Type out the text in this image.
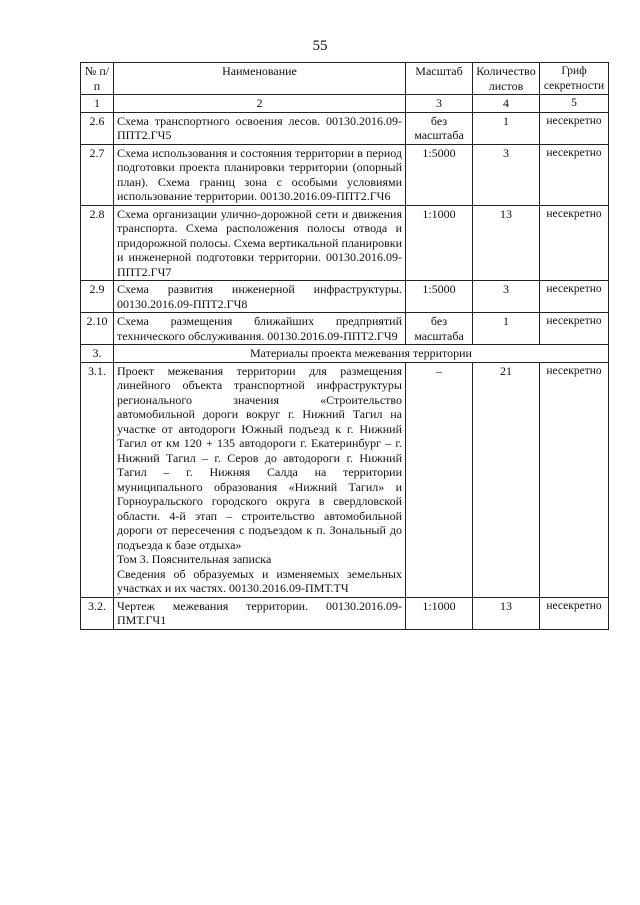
55
№ п/п	Наименование	Масштаб	Количество листов	Гриф секретности
1	2	3	4	5
2.6	Схема транспортного освоения лесов. 00130.2016.09-ППТ2.ГЧ5	без масштаба	1	несекретно
2.7	Схема использования и состояния территории в период подготовки проекта планировки территории (опорный план). Схема границ зона с особыми условиями использование территории. 00130.2016.09-ППТ2.ГЧ6	1:5000	3	несекретно
2.8	Схема организации улично-дорожной сети и движения транспорта. Схема расположения полосы отвода и придорожной полосы. Схема вертикальной планировки и инженерной подготовки территории. 00130.2016.09-ППТ2.ГЧ7	1:1000	13	несекретно
2.9	Схема развития инженерной инфраструктуры. 00130.2016.09-ППТ2.ГЧ8	1:5000	3	несекретно
2.10	Схема размещения ближайших предприятий технического обслуживания. 00130.2016.09-ППТ2.ГЧ9	без масштаба	1	несекретно
3.	Материалы проекта межевания территории			
3.1.	Проект межевания территории для размещения линейного объекта транспортной инфраструктуры регионального значения «Строительство автомобильной дороги вокруг г. Нижний Тагил на участке от автодороги Южный подъезд к г. Нижний Тагил от км 120 + 135 автодороги г. Екатеринбург – г. Нижний Тагил – г. Серов до автодороги г. Нижний Тагил – г. Нижняя Салда на территории муниципального образования «Нижний Тагил» и Горноуральского городского округа в свердловской области. 4-й этап – строительство автомобильной дороги от пересечения с подъездом к п. Зональный до подъезда к базе отдыха»
Том 3. Пояснительная записка
Сведения об образуемых и изменяемых земельных участках и их частях. 00130.2016.09-ПМТ.ТЧ	–	21	несекретно
3.2.	Чертеж межевания территории. 00130.2016.09-ПМТ.ГЧ1	1:1000	13	несекретно
